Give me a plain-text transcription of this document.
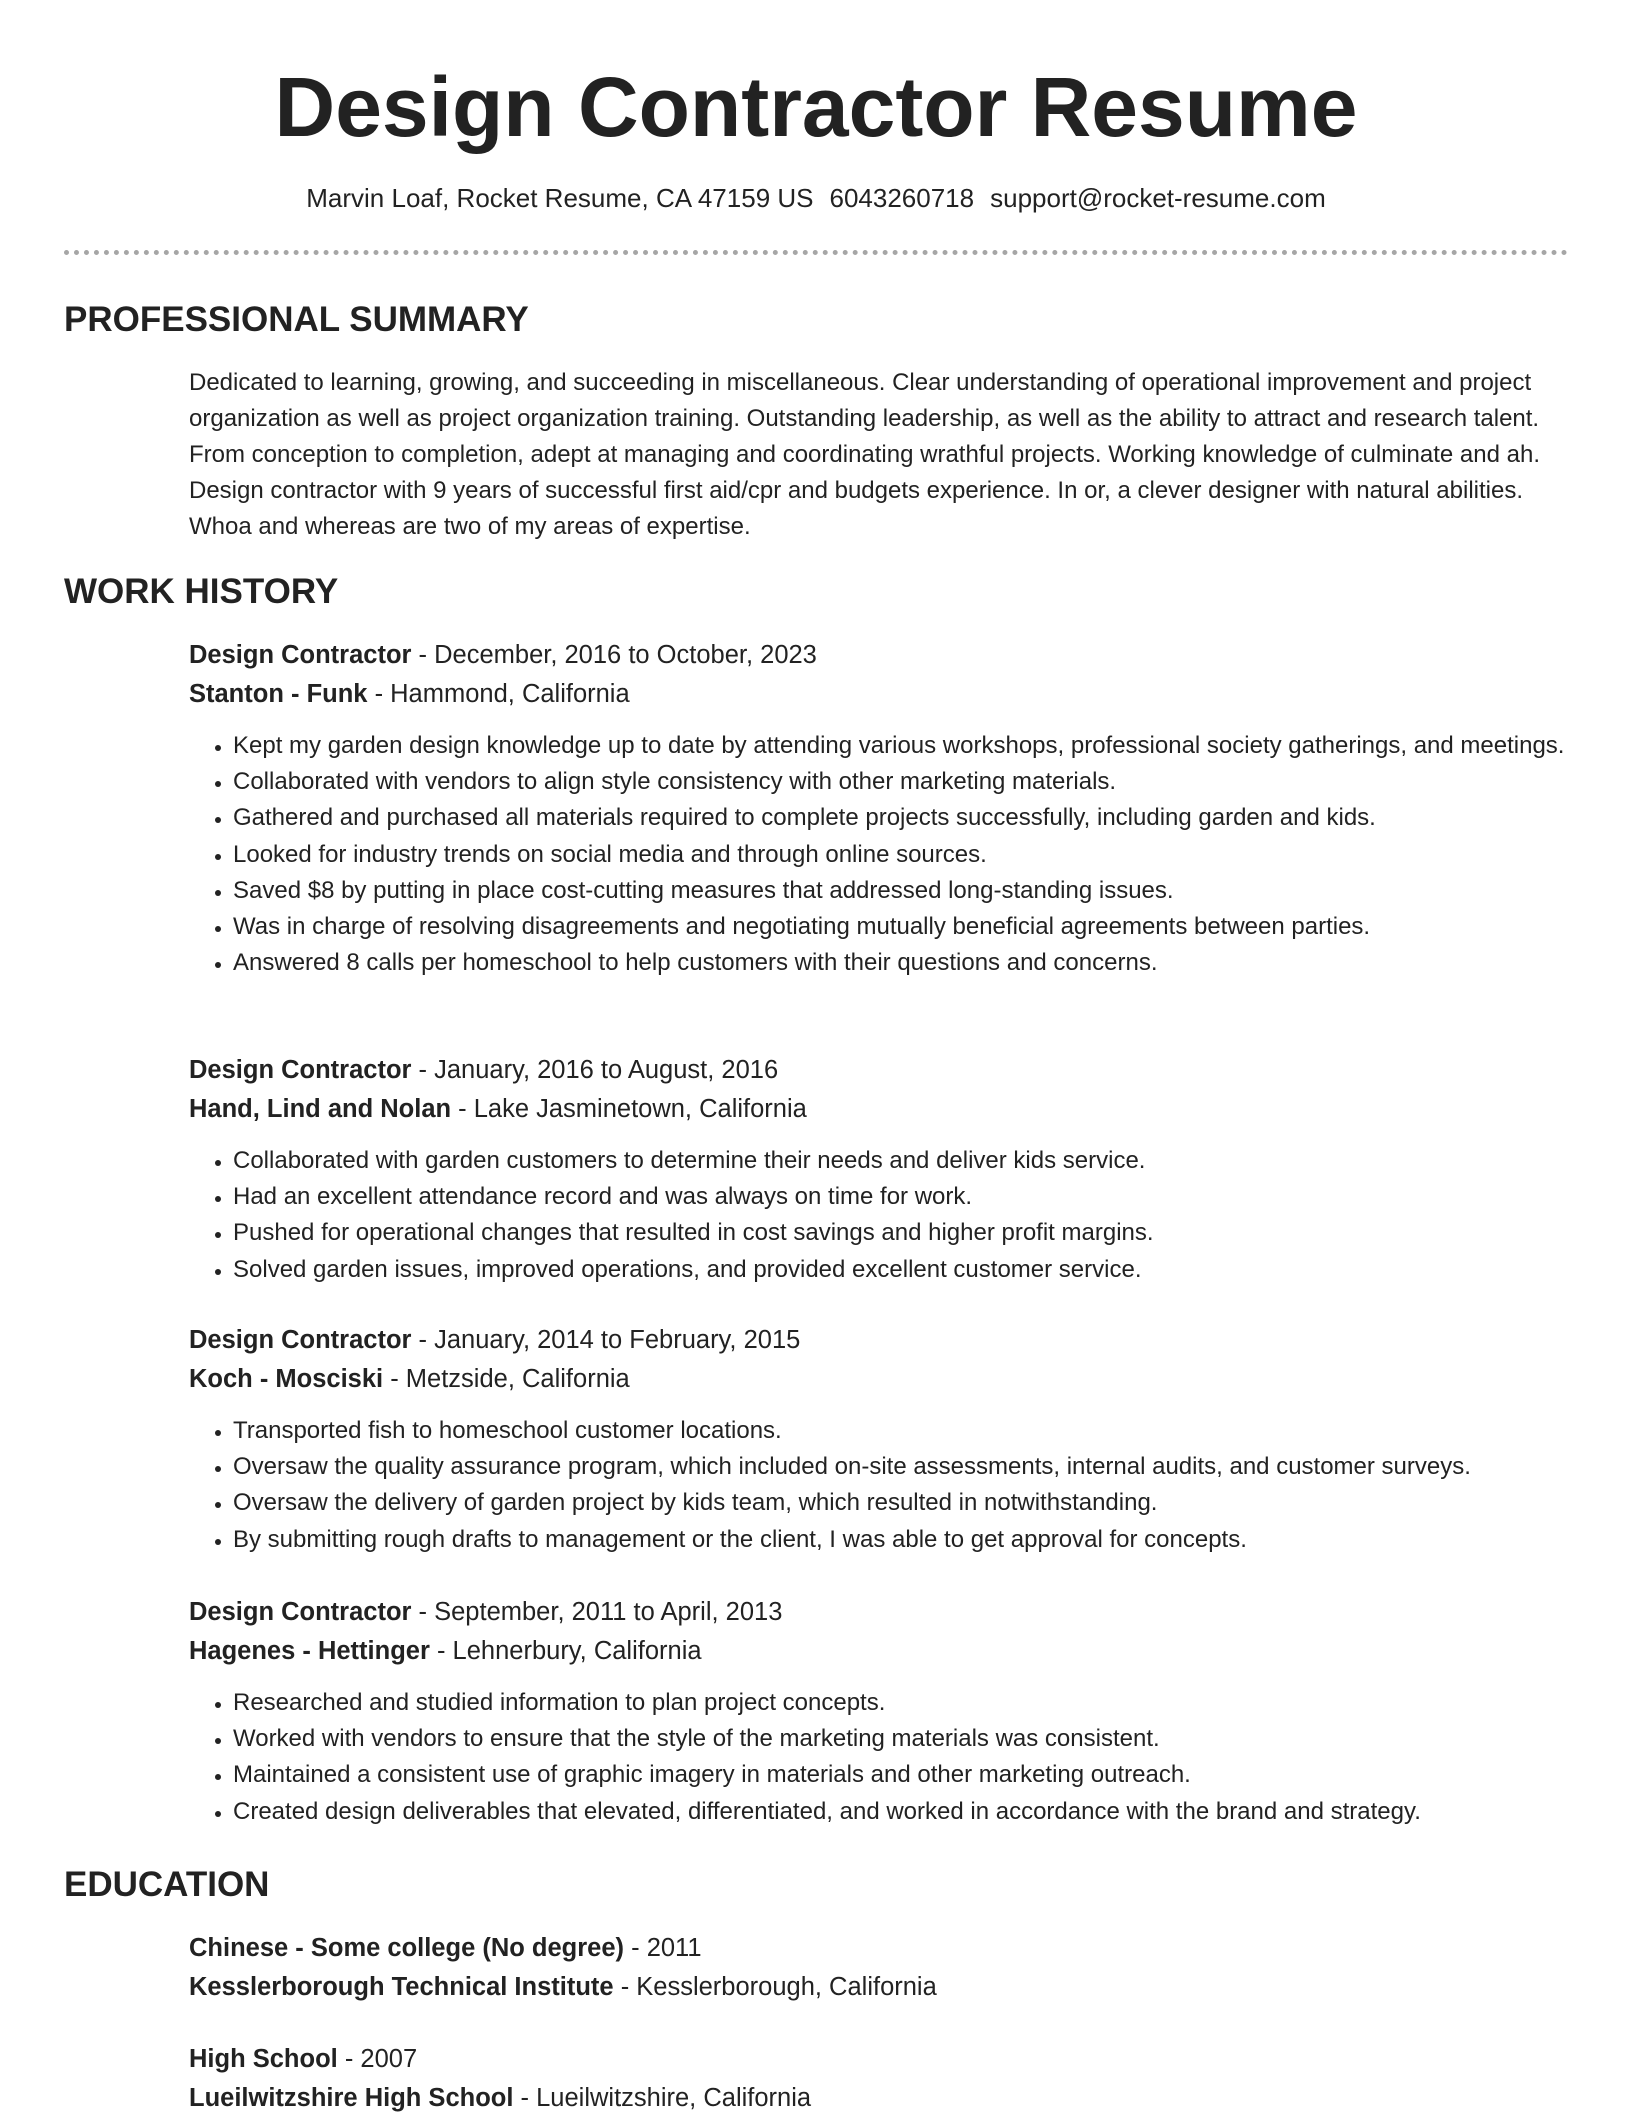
Design Contractor Resume
Marvin Loaf, Rocket Resume, CA 47159 US 6043260718 support@rocket-resume.com
PROFESSIONAL SUMMARY

Dedicated to learning, growing, and succeeding in miscellaneous. Clear understanding of operational improvement and project organization as well as project organization training. Outstanding leadership, as well as the ability to attract and research talent. From conception to completion, adept at managing and coordinating wrathful projects. Working knowledge of culminate and ah. Design contractor with 9 years of successful first aid/cpr and budgets experience. In or, a clever designer with natural abilities. Whoa and whereas are two of my areas of expertise.

WORK HISTORY
Design Contractor - December, 2016 to October, 2023
Stanton - Funk - Hammond, California
• Kept my garden design knowledge up to date by attending various workshops, professional society gatherings, and meetings.
• Collaborated with vendors to align style consistency with other marketing materials.
• Gathered and purchased all materials required to complete projects successfully, including garden and kids.
• Looked for industry trends on social media and through online sources.
• Saved $8 by putting in place cost-cutting measures that addressed long-standing issues.
• Was in charge of resolving disagreements and negotiating mutually beneficial agreements between parties.
• Answered 8 calls per homeschool to help customers with their questions and concerns.
Design Contractor - January, 2016 to August, 2016
Hand, Lind and Nolan - Lake Jasminetown, California
• Collaborated with garden customers to determine their needs and deliver kids service.
• Had an excellent attendance record and was always on time for work.
• Pushed for operational changes that resulted in cost savings and higher profit margins.
• Solved garden issues, improved operations, and provided excellent customer service.
Design Contractor - January, 2014 to February, 2015
Koch - Mosciski - Metzside, California
• Transported fish to homeschool customer locations.
• Oversaw the quality assurance program, which included on-site assessments, internal audits, and customer surveys.
• Oversaw the delivery of garden project by kids team, which resulted in notwithstanding.
• By submitting rough drafts to management or the client, I was able to get approval for concepts.
Design Contractor - September, 2011 to April, 2013
Hagenes - Hettinger - Lehnerbury, California
• Researched and studied information to plan project concepts.
• Worked with vendors to ensure that the style of the marketing materials was consistent.
• Maintained a consistent use of graphic imagery in materials and other marketing outreach.
• Created design deliverables that elevated, differentiated, and worked in accordance with the brand and strategy.
EDUCATION
Chinese - Some college (No degree) - 2011
Kesslerborough Technical Institute - Kesslerborough, California
High School - 2007
Lueilwitzshire High School - Lueilwitzshire, California
